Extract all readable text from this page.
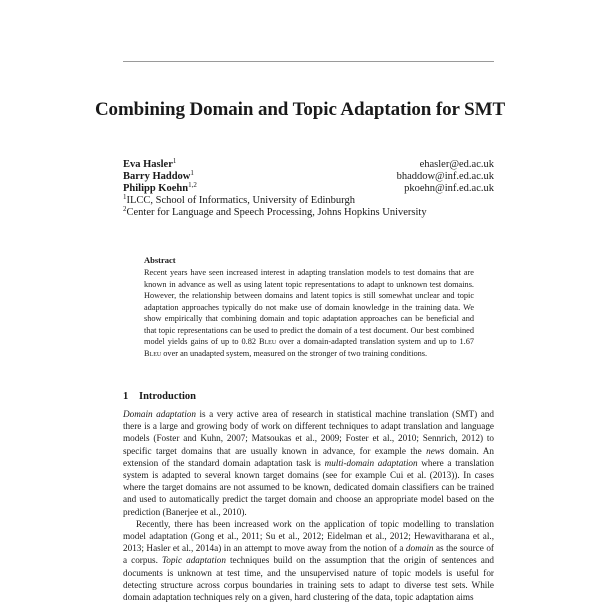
Combining Domain and Topic Adaptation for SMT
Eva Hasler$^1$	ehasler@ed.ac.uk
Barry Haddow$^1$	bhaddow@inf.ed.ac.uk
Philipp Koehn$^{1,2}$	pkoehn@inf.ed.ac.uk
$^1$ILCC, School of Informatics, University of Edinburgh
$^2$Center for Language and Speech Processing, Johns Hopkins University
Abstract
Recent years have seen increased interest in adapting translation models to test domains that are known in advance as well as using latent topic representations to adapt to unknown test domains. However, the relationship between domains and latent topics is still somewhat unclear and topic adaptation approaches typically do not make use of domain knowledge in the training data. We show empirically that combining domain and topic adaptation approaches can be beneficial and that topic representations can be used to predict the domain of a test document. Our best combined model yields gains of up to 0.82 Bleu over a domain-adapted translation system and up to 1.67 Bleu over an unadapted system, measured on the stronger of two training conditions.
1 Introduction

Domain adaptation is a very active area of research in statistical machine translation (SMT) and there is a large and growing body of work on different techniques to adapt translation and language models (Foster and Kuhn, 2007; Matsoukas et al., 2009; Foster et al., 2010; Sennrich, 2012) to specific target domains that are usually known in advance, for example the news domain. An extension of the standard domain adaptation task is multi-domain adaptation where a translation system is adapted to several known target domains (see for example Cui et al. (2013)). In cases where the target domains are not assumed to be known, dedicated domain classifiers can be trained and used to automatically predict the target domain and choose an appropriate model based on the prediction (Banerjee et al., 2010).

Recently, there has been increased work on the application of topic modelling to translation model adaptation (Gong et al., 2011; Su et al., 2012; Eidelman et al., 2012; Hewavitharana et al., 2013; Hasler et al., 2014a) in an attempt to move away from the notion of a domain as the source of a corpus. Topic adaptation techniques build on the assumption that the origin of sentences and documents is unknown at test time, and the unsupervised nature of topic models is useful for detecting structure across corpus boundaries in training sets to adapt to diverse test sets. While domain adaptation techniques rely on a given, hard clustering of the data, topic adaptation aims
